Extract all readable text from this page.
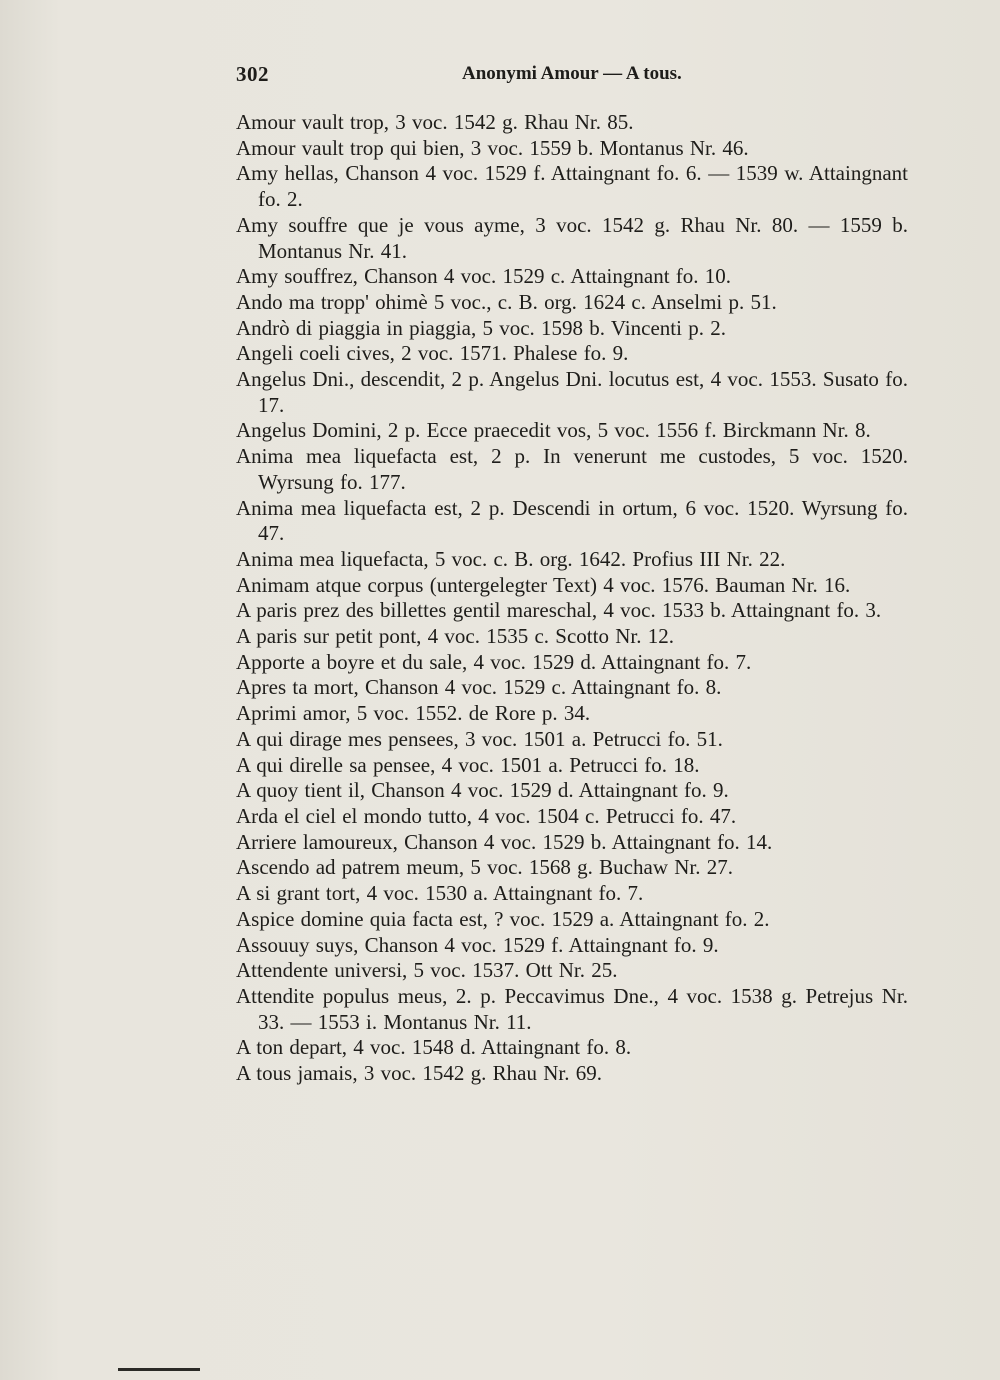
302	Anonymi Amour — A tous.
Amour vault trop, 3 voc. 1542 g. Rhau Nr. 85.
Amour vault trop qui bien, 3 voc. 1559 b. Montanus Nr. 46.
Amy hellas, Chanson 4 voc. 1529 f. Attaingnant fo. 6. — 1539 w. Attaingnant fo. 2.
Amy souffre que je vous ayme, 3 voc. 1542 g. Rhau Nr. 80. — 1559 b. Montanus Nr. 41.
Amy souffrez, Chanson 4 voc. 1529 c. Attaingnant fo. 10.
Ando ma tropp' ohimè 5 voc., c. B. org. 1624 c. Anselmi p. 51.
Andrò di piaggia in piaggia, 5 voc. 1598 b. Vincenti p. 2.
Angeli coeli cives, 2 voc. 1571. Phalese fo. 9.
Angelus Dni., descendit, 2 p. Angelus Dni. locutus est, 4 voc. 1553. Susato fo. 17.
Angelus Domini, 2 p. Ecce praecedit vos, 5 voc. 1556 f. Birckmann Nr. 8.
Anima mea liquefacta est, 2 p. In venerunt me custodes, 5 voc. 1520. Wyrsung fo. 177.
Anima mea liquefacta est, 2 p. Descendi in ortum, 6 voc. 1520. Wyrsung fo. 47.
Anima mea liquefacta, 5 voc. c. B. org. 1642. Profius III Nr. 22.
Animam atque corpus (untergelegter Text) 4 voc. 1576. Bauman Nr. 16.
A paris prez des billettes gentil mareschal, 4 voc. 1533 b. Attaingnant fo. 3.
A paris sur petit pont, 4 voc. 1535 c. Scotto Nr. 12.
Apporte a boyre et du sale, 4 voc. 1529 d. Attaingnant fo. 7.
Apres ta mort, Chanson 4 voc. 1529 c. Attaingnant fo. 8.
Aprimi amor, 5 voc. 1552. de Rore p. 34.
A qui dirage mes pensees, 3 voc. 1501 a. Petrucci fo. 51.
A qui direlle sa pensee, 4 voc. 1501 a. Petrucci fo. 18.
A quoy tient il, Chanson 4 voc. 1529 d. Attaingnant fo. 9.
Arda el ciel el mondo tutto, 4 voc. 1504 c. Petrucci fo. 47.
Arriere lamoureux, Chanson 4 voc. 1529 b. Attaingnant fo. 14.
Ascendo ad patrem meum, 5 voc. 1568 g. Buchaw Nr. 27.
A si grant tort, 4 voc. 1530 a. Attaingnant fo. 7.
Aspice domine quia facta est, ? voc. 1529 a. Attaingnant fo. 2.
Assouuy suys, Chanson 4 voc. 1529 f. Attaingnant fo. 9.
Attendente universi, 5 voc. 1537. Ott Nr. 25.
Attendite populus meus, 2. p. Peccavimus Dne., 4 voc. 1538 g. Petrejus Nr. 33. — 1553 i. Montanus Nr. 11.
A ton depart, 4 voc. 1548 d. Attaingnant fo. 8.
A tous jamais, 3 voc. 1542 g. Rhau Nr. 69.
